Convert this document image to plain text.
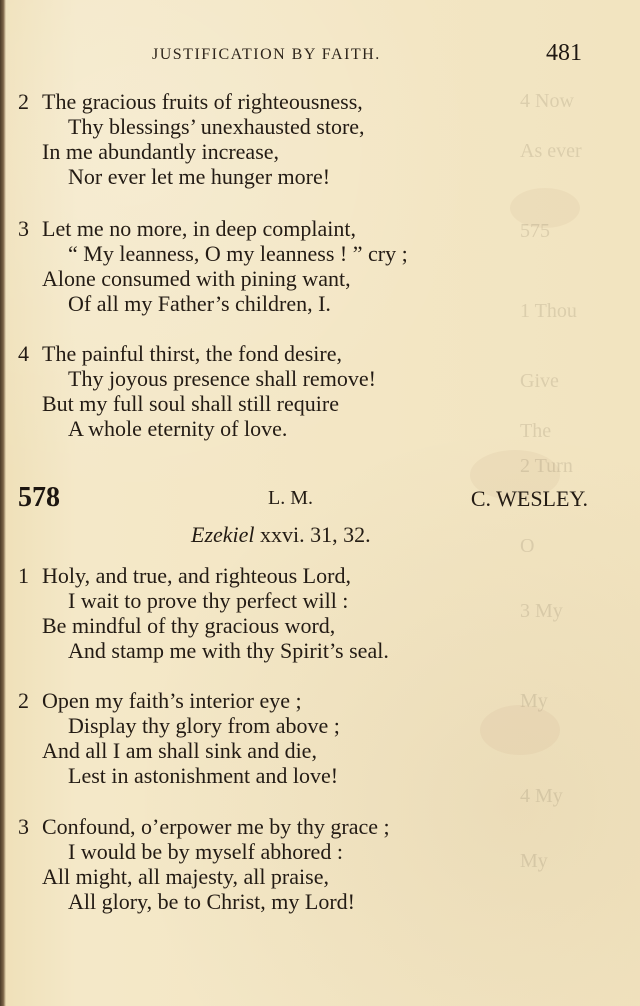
4 Now
As ever
575
1 Thou
Give
The
2 Turn
O
3 My
My
4 My
My
JUSTIFICATION BY FAITH.	481
2 The gracious fruits of righteousness,
Thy blessings’ unexhausted store,
In me abundantly increase,
Nor ever let me hunger more!
3 Let me no more, in deep complaint,
“ My leanness, O my leanness ! ” cry ;
Alone consumed with pining want,
Of all my Father’s children, I.
4 The painful thirst, the fond desire,
Thy joyous presence shall remove!
But my full soul shall still require
A whole eternity of love.
578	L. M.	C. WESLEY.
Ezekiel xxvi. 31, 32.
1 Holy, and true, and righteous Lord,
I wait to prove thy perfect will :
Be mindful of thy gracious word,
And stamp me with thy Spirit’s seal.
2 Open my faith’s interior eye ;
Display thy glory from above ;
And all I am shall sink and die,
Lest in astonishment and love!
3 Confound, o’erpower me by thy grace ;
I would be by myself abhored :
All might, all majesty, all praise,
All glory, be to Christ, my Lord!
